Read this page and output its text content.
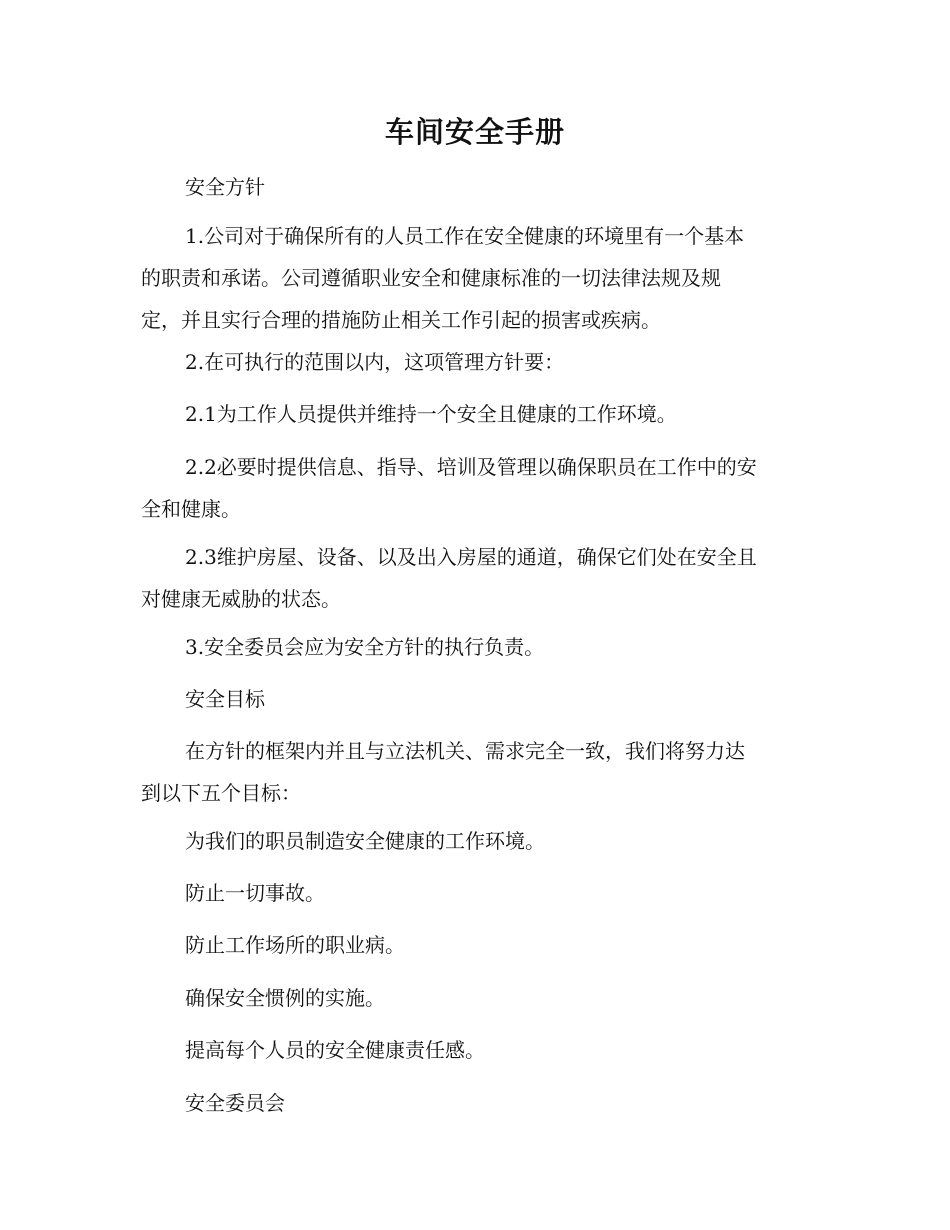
车间安全手册

安全方针

1.公司对于确保所有的人员工作在安全健康的环境里有一个基本
的职责和承诺。公司遵循职业安全和健康标准的一切法律法规及规
定，并且实行合理的措施防止相关工作引起的损害或疾病。

2.在可执行的范围以内，这项管理方针要：

2.1为工作人员提供并维持一个安全且健康的工作环境。

2.2必要时提供信息、指导、培训及管理以确保职员在工作中的安
全和健康。

2.3维护房屋、设备、以及出入房屋的通道，确保它们处在安全且
对健康无威胁的状态。

3.安全委员会应为安全方针的执行负责。

安全目标

在方针的框架内并且与立法机关、需求完全一致，我们将努力达
到以下五个目标：

为我们的职员制造安全健康的工作环境。

防止一切事故。

防止工作场所的职业病。

确保安全惯例的实施。

提高每个人员的安全健康责任感。

安全委员会
